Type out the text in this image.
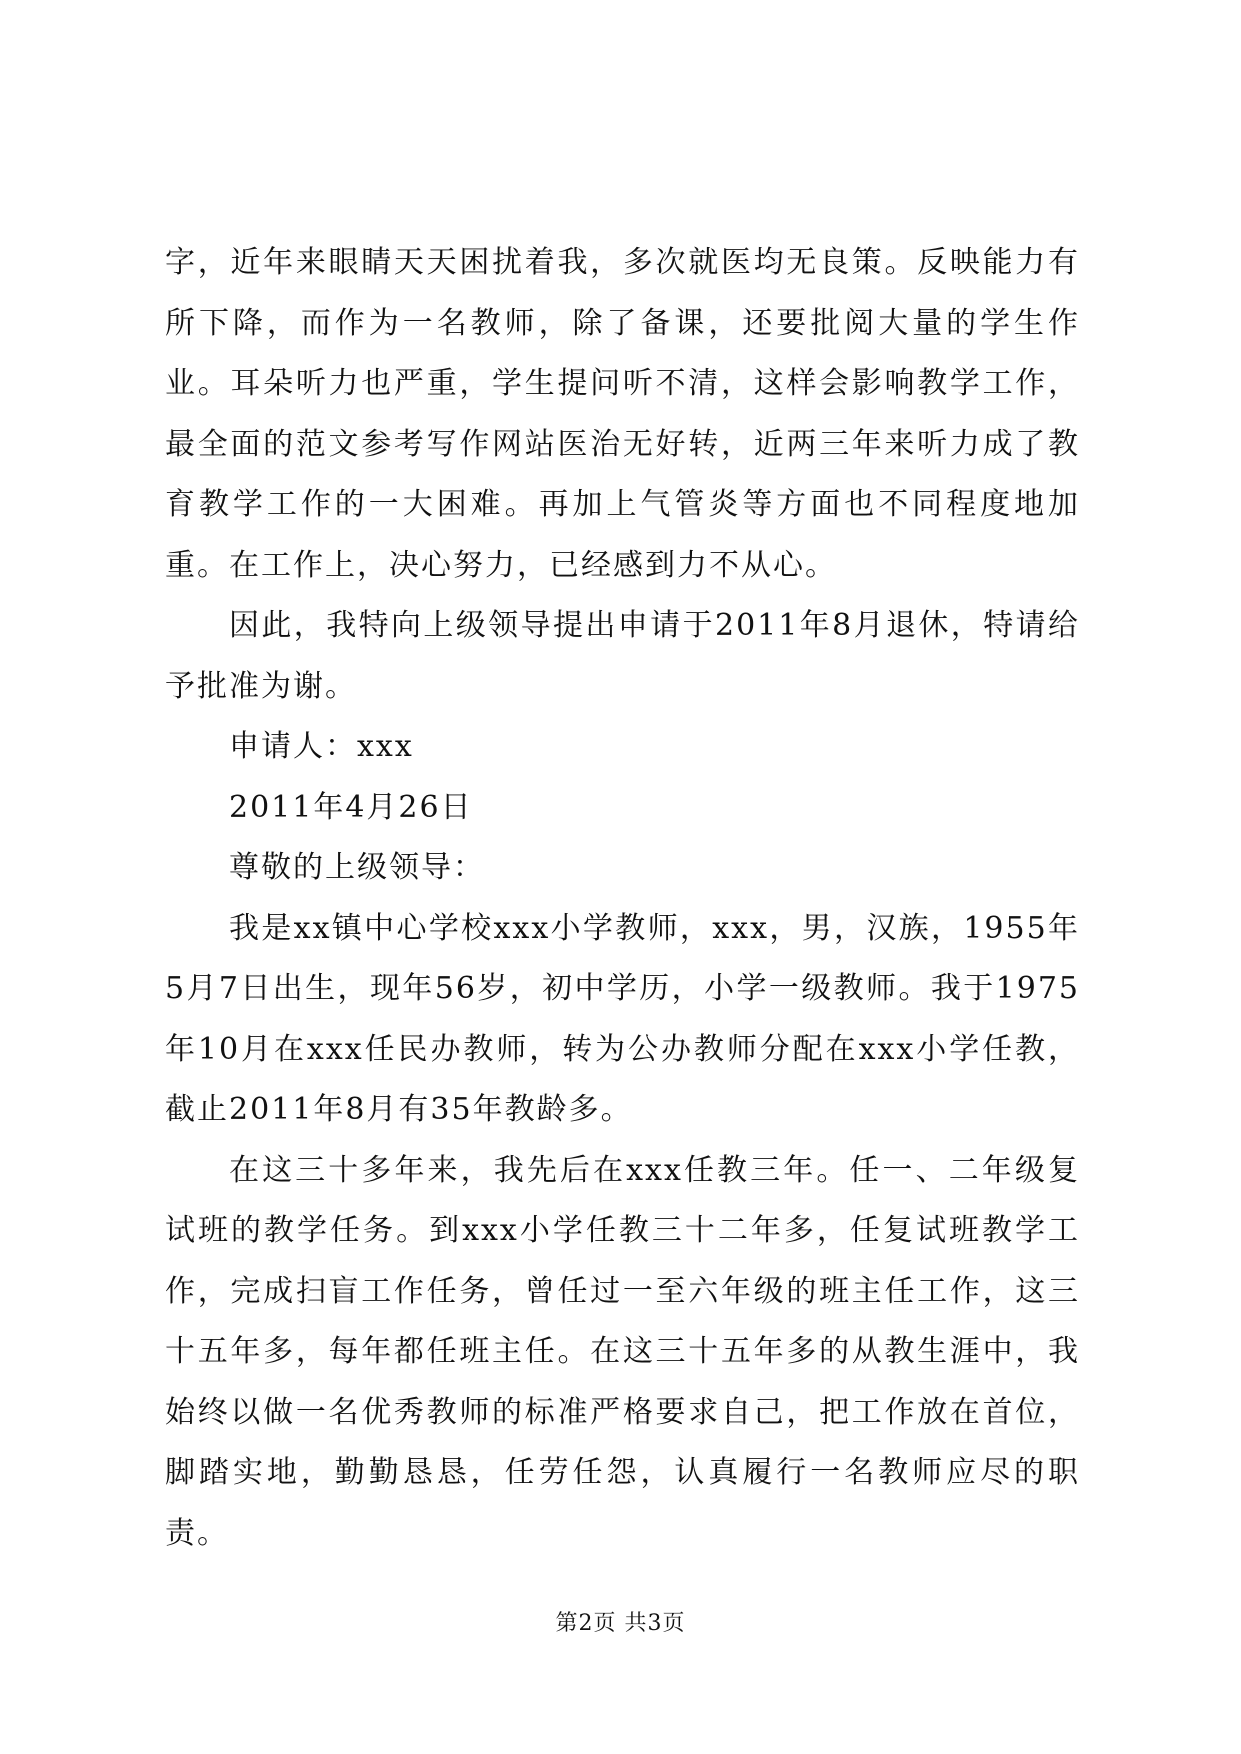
字，近年来眼睛天天困扰着我，多次就医均无良策。反映能力有所下降，而作为一名教师，除了备课，还要批阅大量的学生作业。耳朵听力也严重，学生提问听不清，这样会影响教学工作，最全面的范文参考写作网站医治无好转，近两三年来听力成了教育教学工作的一大困难。再加上气管炎等方面也不同程度地加重。在工作上，决心努力，已经感到力不从心。

因此，我特向上级领导提出申请于2011年8月退休，特请给予批准为谢。

申请人：xxx

2011年4月26日

尊敬的上级领导：

我是xx镇中心学校xxx小学教师，xxx，男，汉族，1955年5月7日出生，现年56岁，初中学历，小学一级教师。我于1975年10月在xxx任民办教师，转为公办教师分配在xxx小学任教，截止2011年8月有35年教龄多。

在这三十多年来，我先后在xxx任教三年。任一、二年级复试班的教学任务。到xxx小学任教三十二年多，任复试班教学工作，完成扫盲工作任务，曾任过一至六年级的班主任工作，这三十五年多，每年都任班主任。在这三十五年多的从教生涯中，我始终以做一名优秀教师的标准严格要求自己，把工作放在首位，脚踏实地，勤勤恳恳，任劳任怨，认真履行一名教师应尽的职责。

第2页 共3页
